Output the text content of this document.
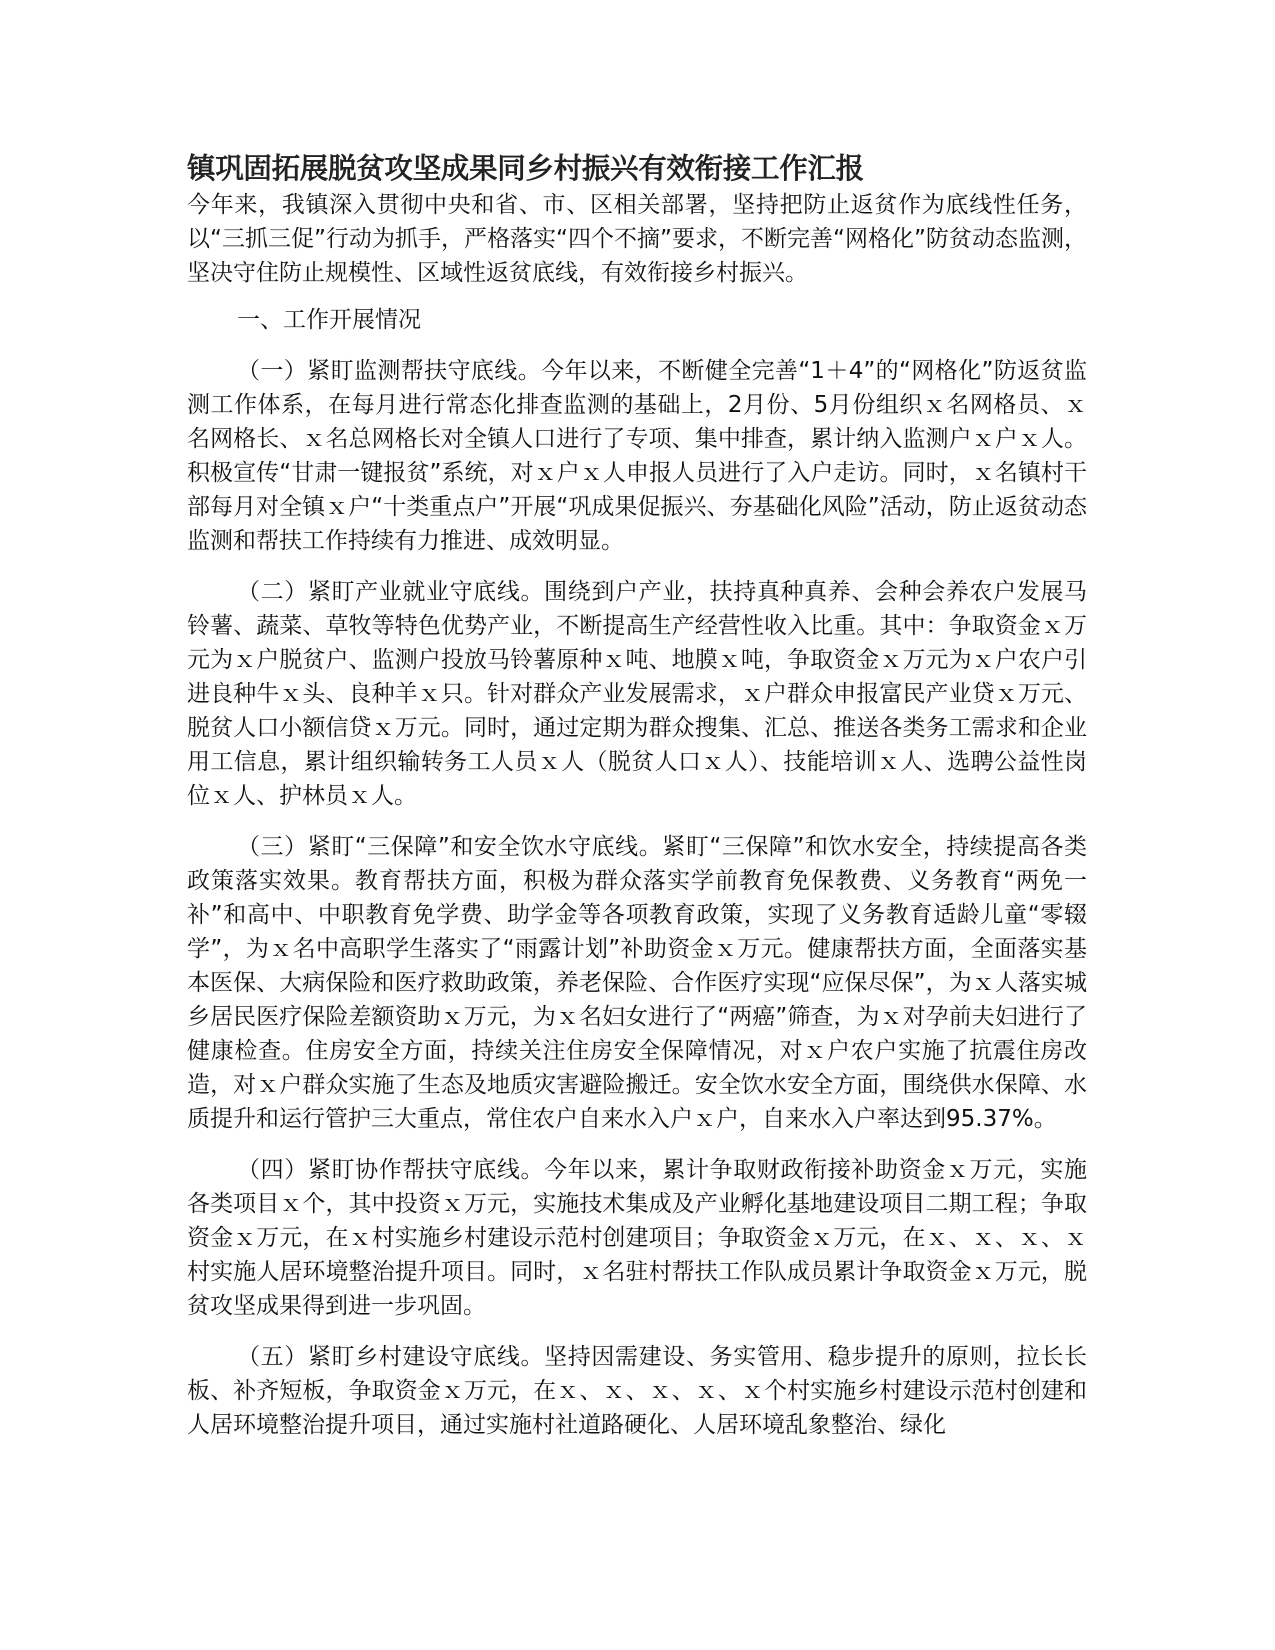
镇巩固拓展脱贫攻坚成果同乡村振兴有效衔接工作汇报

今年来，我镇深入贯彻中央和省、市、区相关部署，坚持把防止返贫作为底线性任务，以“三抓三促”行动为抓手，严格落实“四个不摘”要求，不断完善“网格化”防贫动态监测，坚决守住防止规模性、区域性返贫底线，有效衔接乡村振兴。

一、工作开展情况

（一）紧盯监测帮扶守底线。今年以来，不断健全完善“1＋4”的“网格化”防返贫监测工作体系，在每月进行常态化排查监测的基础上，2月份、5月份组织ｘ名网格员、ｘ名网格长、ｘ名总网格长对全镇人口进行了专项、集中排查，累计纳入监测户ｘ户ｘ人。积极宣传“甘肃一键报贫”系统，对ｘ户ｘ人申报人员进行了入户走访。同时，ｘ名镇村干部每月对全镇ｘ户“十类重点户”开展“巩成果促振兴、夯基础化风险”活动，防止返贫动态监测和帮扶工作持续有力推进、成效明显。

（二）紧盯产业就业守底线。围绕到户产业，扶持真种真养、会种会养农户发展马铃薯、蔬菜、草牧等特色优势产业，不断提高生产经营性收入比重。其中：争取资金ｘ万元为ｘ户脱贫户、监测户投放马铃薯原种ｘ吨、地膜ｘ吨，争取资金ｘ万元为ｘ户农户引进良种牛ｘ头、良种羊ｘ只。针对群众产业发展需求，ｘ户群众申报富民产业贷ｘ万元、脱贫人口小额信贷ｘ万元。同时，通过定期为群众搜集、汇总、推送各类务工需求和企业用工信息，累计组织输转务工人员ｘ人（脱贫人口ｘ人）、技能培训ｘ人、选聘公益性岗位ｘ人、护林员ｘ人。

（三）紧盯“三保障”和安全饮水守底线。紧盯“三保障”和饮水安全，持续提高各类政策落实效果。教育帮扶方面，积极为群众落实学前教育免保教费、义务教育“两免一补”和高中、中职教育免学费、助学金等各项教育政策，实现了义务教育适龄儿童“零辍学”，为ｘ名中高职学生落实了“雨露计划”补助资金ｘ万元。健康帮扶方面，全面落实基本医保、大病保险和医疗救助政策，养老保险、合作医疗实现“应保尽保”，为ｘ人落实城乡居民医疗保险差额资助ｘ万元，为ｘ名妇女进行了“两癌”筛查，为ｘ对孕前夫妇进行了健康检查。住房安全方面，持续关注住房安全保障情况，对ｘ户农户实施了抗震住房改造，对ｘ户群众实施了生态及地质灾害避险搬迁。安全饮水安全方面，围绕供水保障、水质提升和运行管护三大重点，常住农户自来水入户ｘ户，自来水入户率达到95.37%。

（四）紧盯协作帮扶守底线。今年以来，累计争取财政衔接补助资金ｘ万元，实施各类项目ｘ个，其中投资ｘ万元，实施技术集成及产业孵化基地建设项目二期工程；争取资金ｘ万元，在ｘ村实施乡村建设示范村创建项目；争取资金ｘ万元，在ｘ、ｘ、ｘ、ｘ村实施人居环境整治提升项目。同时，ｘ名驻村帮扶工作队成员累计争取资金ｘ万元，脱贫攻坚成果得到进一步巩固。

（五）紧盯乡村建设守底线。坚持因需建设、务实管用、稳步提升的原则，拉长长板、补齐短板，争取资金ｘ万元，在ｘ、ｘ、ｘ、ｘ、ｘ个村实施乡村建设示范村创建和人居环境整治提升项目，通过实施村社道路硬化、人居环境乱象整治、绿化
